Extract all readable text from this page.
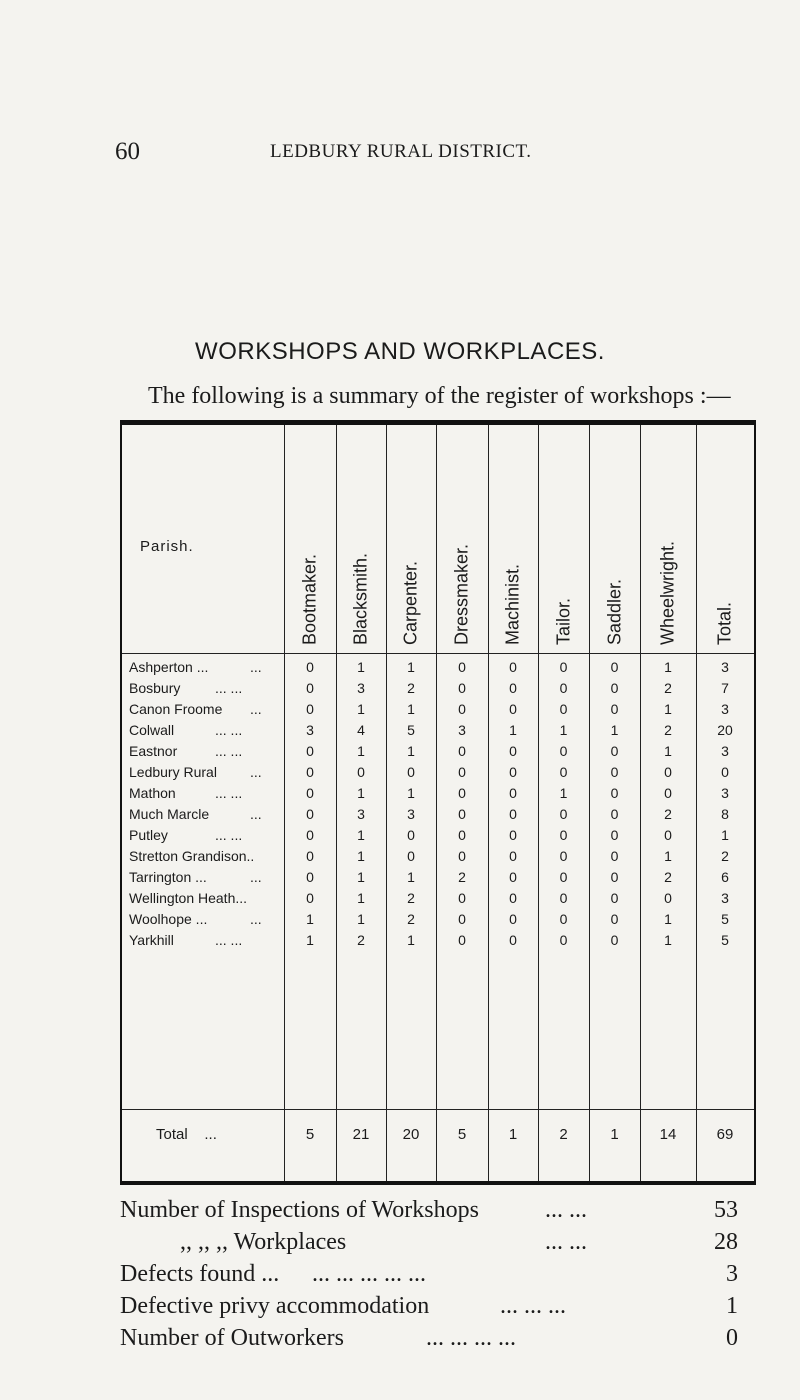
60	LEDBURY RURAL DISTRICT.
WORKSHOPS AND WORKPLACES.
The following is a summary of the register of workshops :—
Parish.
Bootmaker. Blacksmith. Carpenter. Dressmaker. Machinist. Tailor. Saddler. Wheelwright. Total.
Ashperton ...	...	0	1	1	0	0	0	0	1	3
Bosbury ... ...	0	3	2	0	0	0	0	2	7
Canon Froome ...	0	1	1	0	0	0	0	1	3
Colwall	... ...	3	4	5	3	1	1	1	2	20
Eastnor	... ...	0	1	1	0	0	0	0	1	3
Ledbury Rural ...	0	0	0	0	0	0	0	0	0
Mathon	... ...	0	1	1	0	0	1	0	0	3
Much Marcle	...	0	3	3	0	0	0	0	2	8
Putley	... ...	0	1	0	0	0	0	0	0	1
Stretton Grandison..	0	1	0	0	0	0	0	1	2
Tarrington ...	...	0	1	1	2	0	0	0	2	6
Wellington Heath...	0	1	2	0	0	0	0	0	3
Woolhope ...	...	1	1	2	0	0	0	0	1	5
Yarkhill	... ...	1	2	1	0	0	0	0	1	5
Total ...	5	21	20	5	1	2	1	14	69
Number of Inspections of Workshops	... ...	53
,, ,, ,, Workplaces	... ...	28
Defects found ... ... ... ... ... ...	3
Defective privy accommodation	... ... ...	1
Number of Outworkers	... ... ... ...	0
